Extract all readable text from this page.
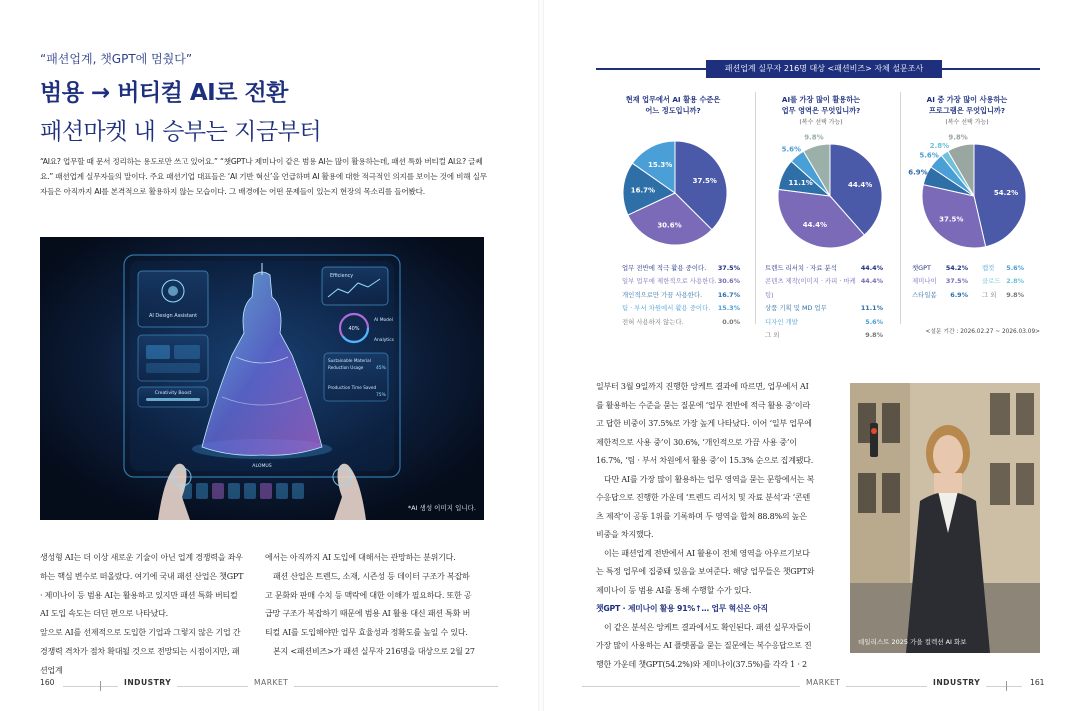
“패션업계, 챗GPT에 멈췄다”
범용 → 버티컬 AI로 전환
패션마켓 내 승부는 지금부터
“AI요? 업무할 때 문서 정리하는 용도로만 쓰고 있어요.” “챗GPT나 제미나이 같은 범용 AI는 많이 활용하는데, 패션 특화 버티컬 AI요? 글쎄요.” 패션업계 실무자들의 말이다. 주요 패션기업 대표들은 ‘AI 기반 혁신’을 언급하며 AI 활용에 대한 적극적인 의지를 보이는 것에 비해 실무자들은 아직까지 AI를 본격적으로 활용하지 않는 모습이다. 그 배경에는 어떤 문제들이 있는지 현장의 목소리를 들어봤다.
AI Design Assistant
Creativity Boost
Efficiency
40%
AI Model
Analytics
Sustainable Material
Reduction Usage	45%
Production Time Saved
75%
ALOMUS
*AI 생성 이미지 입니다.

생성형 AI는 더 이상 새로운 기술이 아닌 업계 경쟁력을 좌우하는 핵심 변수로 떠올랐다. 여기에 국내 패션 산업은 챗GPT · 제미나이 등 범용 AI는 활용하고 있지만 패션 특화 버티컬 AI 도입 속도는 더딘 편으로 나타났다.

앞으로 AI를 선제적으로 도입한 기업과 그렇지 않은 기업 간 경쟁력 격차가 점차 확대될 것으로 전망되는 시점이지만, 패션업계

에서는 아직까지 AI 도입에 대해서는 관망하는 분위기다.

패션 산업은 트렌드, 소재, 시즌성 등 데이터 구조가 복잡하고 문화와 판매 수치 등 맥락에 대한 이해가 필요하다. 또한 공급망 구조가 복잡하기 때문에 범용 AI 활용 대신 패션 특화 버티컬 AI를 도입해야만 업무 효율성과 정확도를 높일 수 있다.

본지 <패션비즈>가 패션 실무자 216명을 대상으로 2월 27

160	INDUSTRY	MARKET
패션업계 실무자 216명 대상 <패션비즈> 자체 설문조사
현재 업무에서 AI 활용 수준은
어느 정도입니까?
AI를 가장 많이 활용하는
업무 영역은 무엇입니까?
(복수 선택 가능)
AI 중 가장 많이 사용하는
프로그램은 무엇입니까?
(복수 선택 가능)
37.5%
30.6%
16.7%
15.3%
44.4%
44.4%
11.1%
5.6%
9.8%
54.2%
37.5%
6.9%
5.6%
2.8%
9.8%
업무 전반에 적극 활용 중이다. 37.5%
일부 업무에 제한적으로 사용한다. 30.6%
개인적으로만 가끔 사용한다. 16.7%
팀 · 부서 차원에서 활용 중이다. 15.3%
전혀 사용하지 않는다.	0.0%
트렌드 리서치 · 자료 분석	44.4%
콘텐츠 제작(이미지 · 카피 · 마케팅)
44.4%
상품 기획 및 MD 업무	11.1%
디자인 개발	5.6%
그 외	9.8%
챗GPT 54.2% 캡컷 5.6%
제미나이 37.5% 클로드 2.8%
스타일봄 6.9% 그 외 9.8%
<설문 기간 : 2026.02.27 ~ 2026.03.09>

일부터 3월 9일까지 진행한 앙케트 결과에 따르면, 업무에서 AI를 활용하는 수준을 묻는 질문에 ‘업무 전반에 적극 활용 중’이라고 답한 비중이 37.5%로 가장 높게 나타났다. 이어 ‘일부 업무에 제한적으로 사용 중’이 30.6%, ‘개인적으로 가끔 사용 중’이 16.7%, ‘팀 · 부서 차원에서 활용 중’이 15.3% 순으로 집계됐다.

다만 AI를 가장 많이 활용하는 업무 영역을 묻는 문항에서는 복수응답으로 진행한 가운데 ‘트렌드 리서치 및 자료 분석’과 ‘콘텐츠 제작’이 공동 1위를 기록하며 두 영역을 합쳐 88.8%의 높은 비중을 차지했다.

이는 패션업계 전반에서 AI 활용이 전체 영역을 아우르기보다는 특정 업무에 집중돼 있음을 보여준다. 해당 업무들은 챗GPT와 제미나이 등 범용 AI를 통해 수행할 수가 있다.

챗GPT · 제미나이 활용 91%↑… 업무 혁신은 아직

이 같은 분석은 앙케트 결과에서도 확인된다. 패션 실무자들이 가장 많이 사용하는 AI 플랫폼을 묻는 질문에는 복수응답으로 진행한 가운데 챗GPT(54.2%)와 제미나이(37.5%)를 각각 1 · 2

데일리스트 2025 가을 컬렉션 AI 화보
MARKET	INDUSTRY	161
